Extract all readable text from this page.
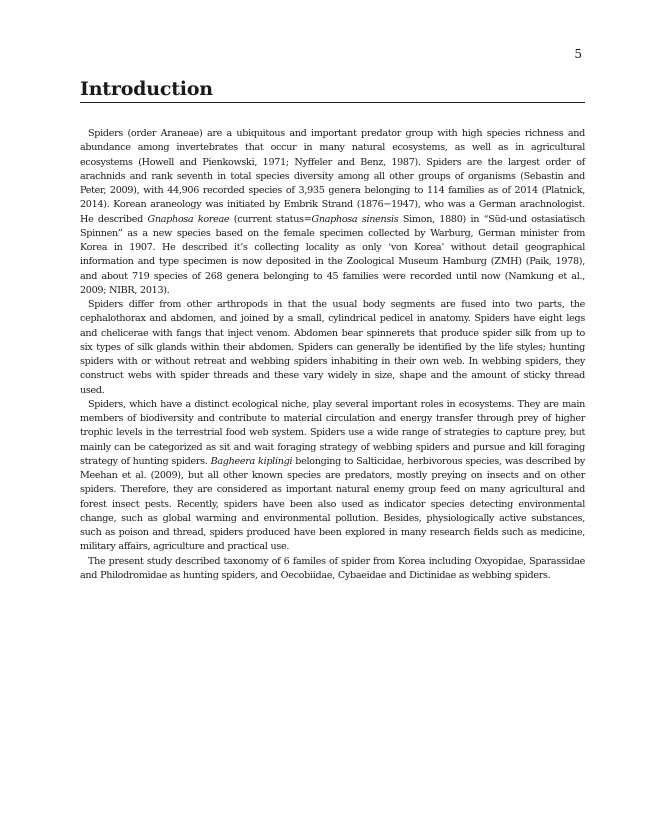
5
Introduction

Spiders (order Araneae) are a ubiquitous and important predator group with high species richness and abundance among invertebrates that occur in many natural ecosystems, as well as in agricultural ecosystems (Howell and Pienkowski, 1971; Nyffeler and Benz, 1987). Spiders are the largest order of arachnids and rank seventh in total species diversity among all other groups of organisms (Sebastin and Peter, 2009), with 44,906 recorded species of 3,935 genera belonging to 114 families as of 2014 (Platnick, 2014). Korean araneology was initiated by Embrik Strand (1876−1947), who was a German arachnologist. He described Gnaphosa koreae (current status=Gnaphosa sinensis Simon, 1880) in “Süd-und ostasiatisch Spinnen” as a new species based on the female specimen collected by Warburg, German minister from Korea in 1907. He described it’s collecting locality as only ‘von Korea’ without detail geographical information and type specimen is now deposited in the Zoological Museum Hamburg (ZMH) (Paik, 1978), and about 719 species of 268 genera belonging to 45 families were recorded until now (Namkung et al., 2009; NIBR, 2013).

Spiders differ from other arthropods in that the usual body segments are fused into two parts, the cephalothorax and abdomen, and joined by a small, cylindrical pedicel in anatomy. Spiders have eight legs and chelicerae with fangs that inject venom. Abdomen bear spinnerets that produce spider silk from up to six types of silk glands within their abdomen. Spiders can generally be identified by the life styles; hunting spiders with or without retreat and webbing spiders inhabiting in their own web. In webbing spiders, they construct webs with spider threads and these vary widely in size, shape and the amount of sticky thread used.

Spiders, which have a distinct ecological niche, play several important roles in ecosystems. They are main members of biodiversity and contribute to material circulation and energy transfer through prey of higher trophic levels in the terrestrial food web system. Spiders use a wide range of strategies to capture prey, but mainly can be categorized as sit and wait foraging strategy of webbing spiders and pursue and kill foraging strategy of hunting spiders. Bagheera kiplingi belonging to Salticidae, herbivorous species, was described by Meehan et al. (2009), but all other known species are predators, mostly preying on insects and on other spiders. Therefore, they are considered as important natural enemy group feed on many agricultural and forest insect pests. Recently, spiders have been also used as indicator species detecting environmental change, such as global warming and environmental pollution. Besides, physiologically active substances, such as poison and thread, spiders produced have been explored in many research fields such as medicine, military affairs, agriculture and practical use.

The present study described taxonomy of 6 familes of spider from Korea including Oxyopidae, Sparassidae and Philodromidae as hunting spiders, and Oecobiidae, Cybaeidae and Dictinidae as webbing spiders.
